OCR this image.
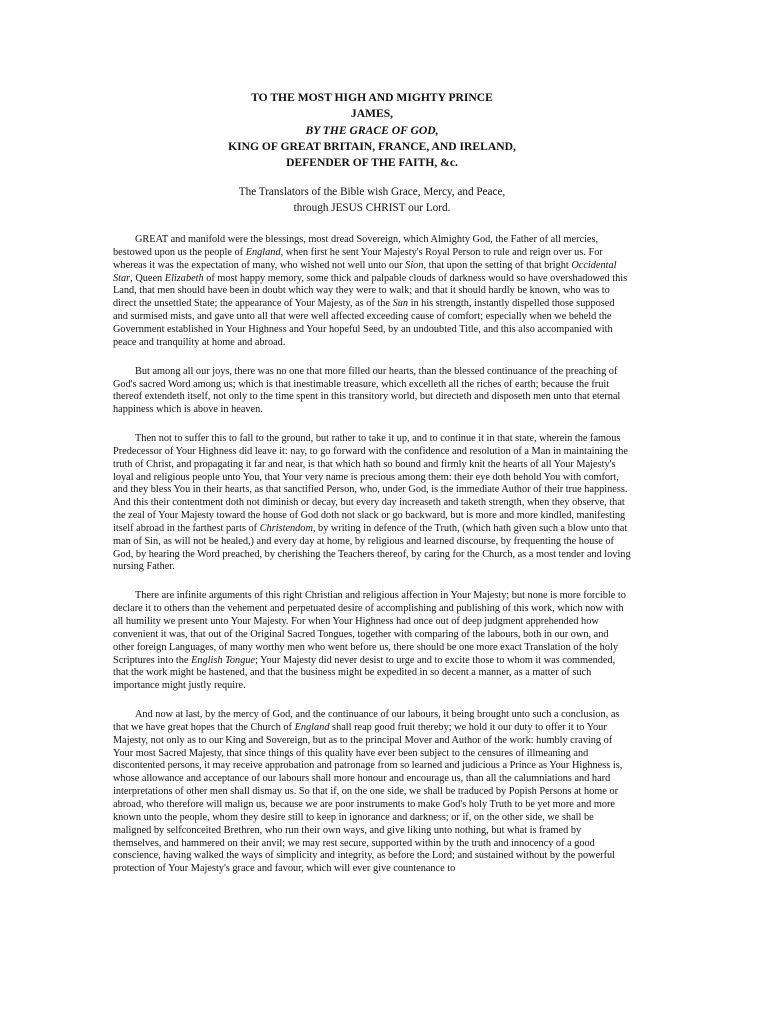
TO THE MOST HIGH AND MIGHTY PRINCE
JAMES,
BY THE GRACE OF GOD,
KING OF GREAT BRITAIN, FRANCE, AND IRELAND,
DEFENDER OF THE FAITH, &c.
The Translators of the Bible wish Grace, Mercy, and Peace,
through JESUS CHRIST our Lord.

GREAT and manifold were the blessings, most dread Sovereign, which Almighty God, the Father of all mercies, bestowed upon us the people of England, when first he sent Your Majesty's Royal Person to rule and reign over us. For whereas it was the expectation of many, who wished not well unto our Sion, that upon the setting of that bright Occidental Star, Queen Elizabeth of most happy memory, some thick and palpable clouds of darkness would so have overshadowed this Land, that men should have been in doubt which way they were to walk; and that it should hardly be known, who was to direct the unsettled State; the appearance of Your Majesty, as of the Sun in his strength, instantly dispelled those supposed and surmised mists, and gave unto all that were well affected exceeding cause of comfort; especially when we beheld the Government established in Your Highness and Your hopeful Seed, by an undoubted Title, and this also accompanied with peace and tranquility at home and abroad.

But among all our joys, there was no one that more filled our hearts, than the blessed continuance of the preaching of God's sacred Word among us; which is that inestimable treasure, which excelleth all the riches of earth; because the fruit thereof extendeth itself, not only to the time spent in this transitory world, but directeth and disposeth men unto that eternal happiness which is above in heaven.

Then not to suffer this to fall to the ground, but rather to take it up, and to continue it in that state, wherein the famous Predecessor of Your Highness did leave it: nay, to go forward with the confidence and resolution of a Man in maintaining the truth of Christ, and propagating it far and near, is that which hath so bound and firmly knit the hearts of all Your Majesty's loyal and religious people unto You, that Your very name is precious among them: their eye doth behold You with comfort, and they bless You in their hearts, as that sanctified Person, who, under God, is the immediate Author of their true happiness. And this their contentment doth not diminish or decay, but every day increaseth and taketh strength, when they observe, that the zeal of Your Majesty toward the house of God doth not slack or go backward, but is more and more kindled, manifesting itself abroad in the farthest parts of Christendom, by writing in defence of the Truth, (which hath given such a blow unto that man of Sin, as will not be healed,) and every day at home, by religious and learned discourse, by frequenting the house of God, by hearing the Word preached, by cherishing the Teachers thereof, by caring for the Church, as a most tender and loving nursing Father.

There are infinite arguments of this right Christian and religious affection in Your Majesty; but none is more forcible to declare it to others than the vehement and perpetuated desire of accomplishing and publishing of this work, which now with all humility we present unto Your Majesty. For when Your Highness had once out of deep judgment apprehended how convenient it was, that out of the Original Sacred Tongues, together with comparing of the labours, both in our own, and other foreign Languages, of many worthy men who went before us, there should be one more exact Translation of the holy Scriptures into the English Tongue; Your Majesty did never desist to urge and to excite those to whom it was commended, that the work might be hastened, and that the business might be expedited in so decent a manner, as a matter of such importance might justly require.

And now at last, by the mercy of God, and the continuance of our labours, it being brought unto such a conclusion, as that we have great hopes that the Church of England shall reap good fruit thereby; we hold it our duty to offer it to Your Majesty, not only as to our King and Sovereign, but as to the principal Mover and Author of the work: humbly craving of Your most Sacred Majesty, that since things of this quality have ever been subject to the censures of illmeaning and discontented persons, it may receive approbation and patronage from so learned and judicious a Prince as Your Highness is, whose allowance and acceptance of our labours shall more honour and encourage us, than all the calumniations and hard interpretations of other men shall dismay us. So that if, on the one side, we shall be traduced by Popish Persons at home or abroad, who therefore will malign us, because we are poor instruments to make God's holy Truth to be yet more and more known unto the people, whom they desire still to keep in ignorance and darkness; or if, on the other side, we shall be maligned by selfconceited Brethren, who run their own ways, and give liking unto nothing, but what is framed by themselves, and hammered on their anvil; we may rest secure, supported within by the truth and innocency of a good conscience, having walked the ways of simplicity and integrity, as before the Lord; and sustained without by the powerful protection of Your Majesty's grace and favour, which will ever give countenance to
